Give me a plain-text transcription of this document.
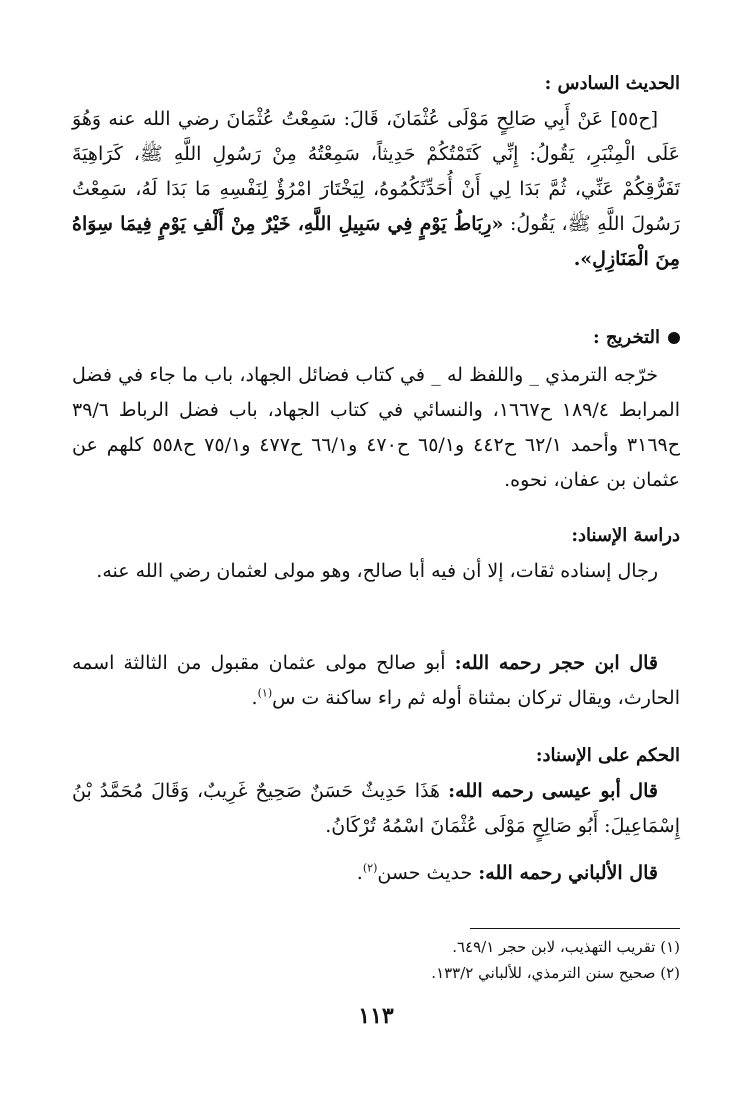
الحديث السادس :

[ح٥٥] عَنْ أَبِي صَالِحٍ مَوْلَى عُثْمَانَ، قَالَ: سَمِعْتُ عُثْمَانَ رضي الله عنه وَهُوَ عَلَى الْمِنْبَرِ، يَقُولُ: إِنِّي كَتَمْتُكُمْ حَدِيثاً، سَمِعْتُهُ مِنْ رَسُولِ اللَّهِ ﷺ، كَرَاهِيَةَ تَفَرُّقِكُمْ عَنِّي، ثُمَّ بَدَا لِي أَنْ أُحَدِّثَكُمُوهُ، لِيَخْتَارَ امْرُؤٌ لِنَفْسِهِ مَا بَدَا لَهُ، سَمِعْتُ رَسُولَ اللَّهِ ﷺ، يَقُولُ: «رِبَاطُ يَوْمٍ فِي سَبِيلِ اللَّهِ، خَيْرٌ مِنْ أَلْفِ يَوْمٍ فِيمَا سِوَاهُ مِنَ الْمَنَازِلِ».

التخريج :

خرّجه الترمذي _ واللفظ له _ في كتاب فضائل الجهاد، باب ما جاء في فضل المرابط ١٨٩/٤ ح١٦٦٧، والنسائي في كتاب الجهاد، باب فضل الرباط ٣٩/٦ ح٣١٦٩ وأحمد ٦٢/١ ح٤٤٢ و٦٥/١ ح٤٧٠ و٦٦/١ ح٤٧٧ و٧٥/١ ح٥٥٨ كلهم عن عثمان بن عفان، نحوه.

دراسة الإسناد:

رجال إسناده ثقات، إلا أن فيه أبا صالح، وهو مولى لعثمان رضي الله عنه.

قال ابن حجر رحمه الله: أبو صالح مولى عثمان مقبول من الثالثة اسمه الحارث، ويقال تركان بمثناة أوله ثم راء ساكنة ت س$^{(١)}$.

الحكم على الإسناد:

قال أبو عيسى رحمه الله: هَذَا حَدِيثٌ حَسَنٌ صَحِيحٌ غَرِيبٌ، وَقَالَ مُحَمَّدُ بْنُ إِسْمَاعِيلَ: أَبُو صَالِحٍ مَوْلَى عُثْمَانَ اسْمُهُ تُرْكَانُ.

قال الألباني رحمه الله: حديث حسن$^{(٢)}$.

(١) تقريب التهذيب، لابن حجر ٦٤٩/١.
(٢) صحيح سنن الترمذي، للألباني ١٣٣/٢.
١١٣
